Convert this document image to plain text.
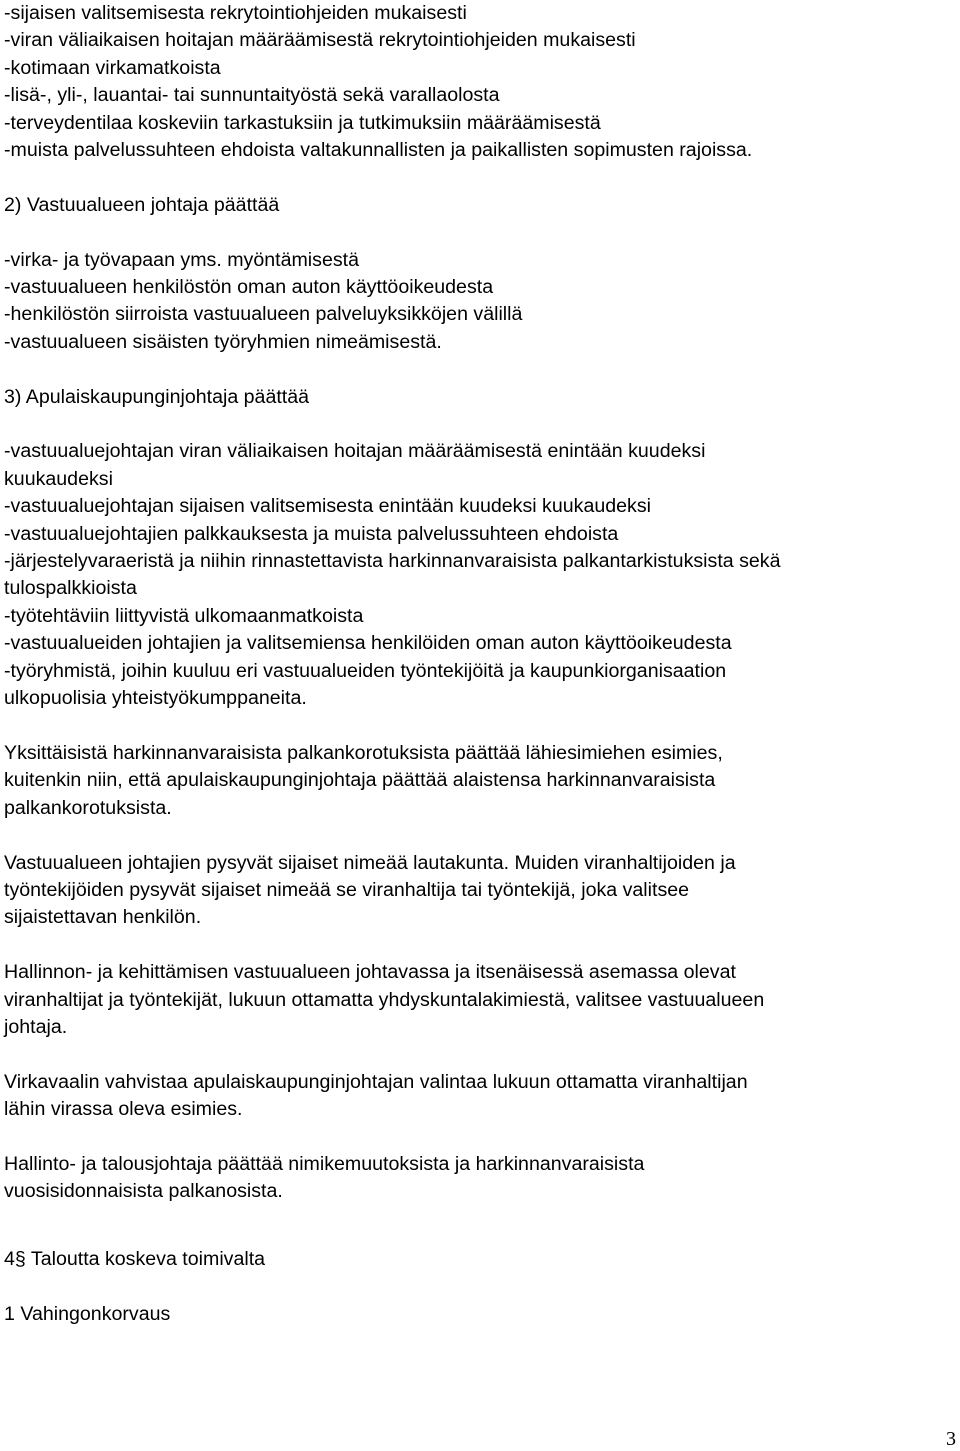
-sijaisen valitsemisesta rekrytointiohjeiden mukaisesti
-viran väliaikaisen hoitajan määräämisestä rekrytointiohjeiden mukaisesti
-kotimaan virkamatkoista
-lisä-, yli-, lauantai- tai sunnuntaityöstä sekä varallaolosta
-terveydentilaa koskeviin tarkastuksiin ja tutkimuksiin määräämisestä
-muista palvelussuhteen ehdoista valtakunnallisten ja paikallisten sopimusten rajoissa.
2) Vastuualueen johtaja päättää
-virka- ja työvapaan yms. myöntämisestä
-vastuualueen henkilöstön oman auton käyttöoikeudesta
-henkilöstön siirroista vastuualueen palveluyksikköjen välillä
-vastuualueen sisäisten työryhmien nimeämisestä.
3) Apulaiskaupunginjohtaja päättää
-vastuualuejohtajan viran väliaikaisen hoitajan määräämisestä enintään kuudeksi
kuukaudeksi
-vastuualuejohtajan sijaisen valitsemisesta enintään kuudeksi kuukaudeksi
-vastuualuejohtajien palkkauksesta ja muista palvelussuhteen ehdoista
-järjestelyvaraeristä ja niihin rinnastettavista harkinnanvaraisista palkantarkistuksista sekä
tulospalkkioista
-työtehtäviin liittyvistä ulkomaanmatkoista
-vastuualueiden johtajien ja valitsemiensa henkilöiden oman auton käyttöoikeudesta
-työryhmistä, joihin kuuluu eri vastuualueiden työntekijöitä ja kaupunkiorganisaation
ulkopuolisia yhteistyökumppaneita.
Yksittäisistä harkinnanvaraisista palkankorotuksista päättää lähiesimiehen esimies,
kuitenkin niin, että apulaiskaupunginjohtaja päättää alaistensa harkinnanvaraisista
palkankorotuksista.
Vastuualueen johtajien pysyvät sijaiset nimeää lautakunta. Muiden viranhaltijoiden ja
työntekijöiden pysyvät sijaiset nimeää se viranhaltija tai työntekijä, joka valitsee
sijaistettavan henkilön.
Hallinnon- ja kehittämisen vastuualueen johtavassa ja itsenäisessä asemassa olevat
viranhaltijat ja työntekijät, lukuun ottamatta yhdyskuntalakimiestä, valitsee vastuualueen
johtaja.
Virkavaalin vahvistaa apulaiskaupunginjohtajan valintaa lukuun ottamatta viranhaltijan
lähin virassa oleva esimies.
Hallinto- ja talousjohtaja päättää nimikemuutoksista ja harkinnanvaraisista
vuosisidonnaisista palkanosista.
4§ Taloutta koskeva toimivalta
1 Vahingonkorvaus
3
